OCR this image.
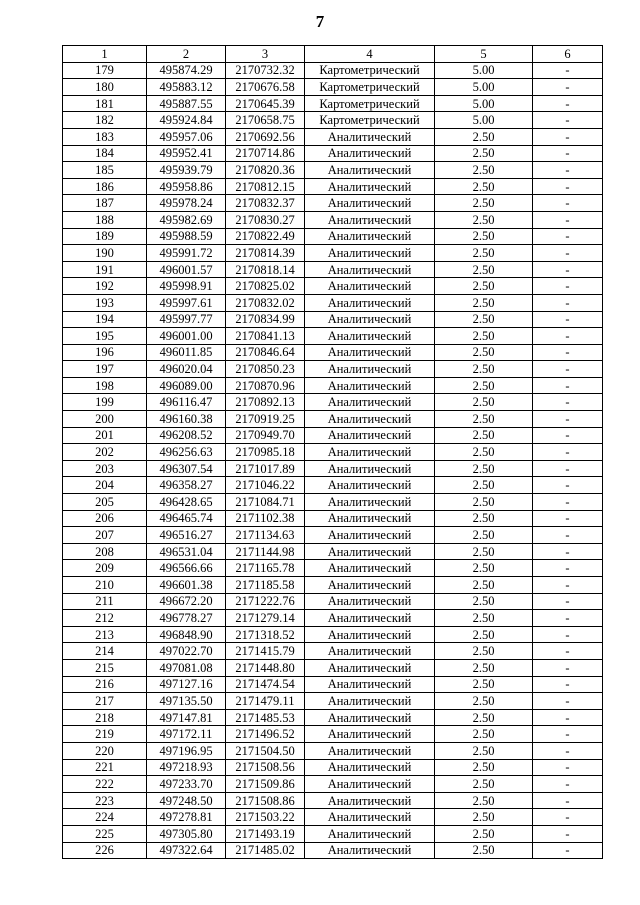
7
1	2	3	4	5	6
179	495874.29	2170732.32	Картометрический	5.00	-
180	495883.12	2170676.58	Картометрический	5.00	-
181	495887.55	2170645.39	Картометрический	5.00	-
182	495924.84	2170658.75	Картометрический	5.00	-
183	495957.06	2170692.56	Аналитический	2.50	-
184	495952.41	2170714.86	Аналитический	2.50	-
185	495939.79	2170820.36	Аналитический	2.50	-
186	495958.86	2170812.15	Аналитический	2.50	-
187	495978.24	2170832.37	Аналитический	2.50	-
188	495982.69	2170830.27	Аналитический	2.50	-
189	495988.59	2170822.49	Аналитический	2.50	-
190	495991.72	2170814.39	Аналитический	2.50	-
191	496001.57	2170818.14	Аналитический	2.50	-
192	495998.91	2170825.02	Аналитический	2.50	-
193	495997.61	2170832.02	Аналитический	2.50	-
194	495997.77	2170834.99	Аналитический	2.50	-
195	496001.00	2170841.13	Аналитический	2.50	-
196	496011.85	2170846.64	Аналитический	2.50	-
197	496020.04	2170850.23	Аналитический	2.50	-
198	496089.00	2170870.96	Аналитический	2.50	-
199	496116.47	2170892.13	Аналитический	2.50	-
200	496160.38	2170919.25	Аналитический	2.50	-
201	496208.52	2170949.70	Аналитический	2.50	-
202	496256.63	2170985.18	Аналитический	2.50	-
203	496307.54	2171017.89	Аналитический	2.50	-
204	496358.27	2171046.22	Аналитический	2.50	-
205	496428.65	2171084.71	Аналитический	2.50	-
206	496465.74	2171102.38	Аналитический	2.50	-
207	496516.27	2171134.63	Аналитический	2.50	-
208	496531.04	2171144.98	Аналитический	2.50	-
209	496566.66	2171165.78	Аналитический	2.50	-
210	496601.38	2171185.58	Аналитический	2.50	-
211	496672.20	2171222.76	Аналитический	2.50	-
212	496778.27	2171279.14	Аналитический	2.50	-
213	496848.90	2171318.52	Аналитический	2.50	-
214	497022.70	2171415.79	Аналитический	2.50	-
215	497081.08	2171448.80	Аналитический	2.50	-
216	497127.16	2171474.54	Аналитический	2.50	-
217	497135.50	2171479.11	Аналитический	2.50	-
218	497147.81	2171485.53	Аналитический	2.50	-
219	497172.11	2171496.52	Аналитический	2.50	-
220	497196.95	2171504.50	Аналитический	2.50	-
221	497218.93	2171508.56	Аналитический	2.50	-
222	497233.70	2171509.86	Аналитический	2.50	-
223	497248.50	2171508.86	Аналитический	2.50	-
224	497278.81	2171503.22	Аналитический	2.50	-
225	497305.80	2171493.19	Аналитический	2.50	-
226	497322.64	2171485.02	Аналитический	2.50	-
